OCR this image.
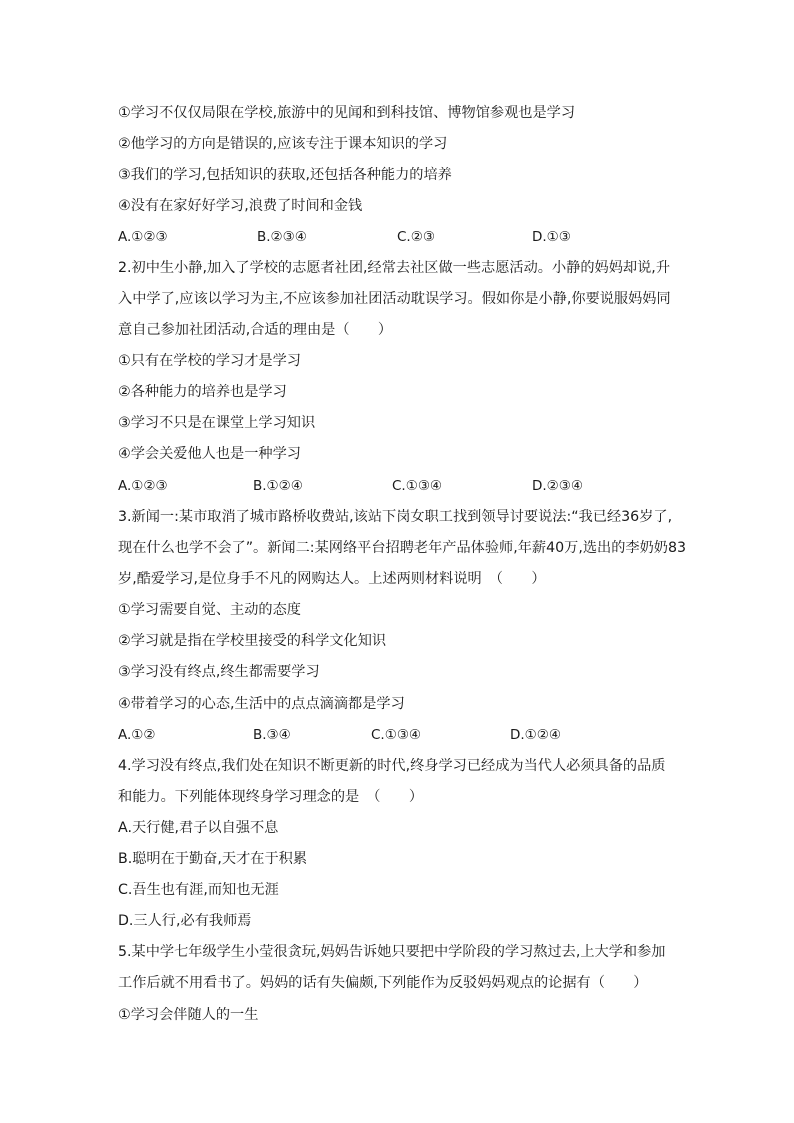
①学习不仅仅局限在学校,旅游中的见闻和到科技馆、博物馆参观也是学习
②他学习的方向是错误的,应该专注于课本知识的学习
③我们的学习,包括知识的获取,还包括各种能力的培养
④没有在家好好学习,浪费了时间和金钱
A.①②③	B.②③④	C.②③	D.①③
2.初中生小静,加入了学校的志愿者社团,经常去社区做一些志愿活动。小静的妈妈却说,升
入中学了,应该以学习为主,不应该参加社团活动耽误学习。假如你是小静,你要说服妈妈同
意自己参加社团活动,合适的理由是（　　）
①只有在学校的学习才是学习
②各种能力的培养也是学习
③学习不只是在课堂上学习知识
④学会关爱他人也是一种学习
A.①②③	B.①②④	C.①③④	D.②③④
3.新闻一:某市取消了城市路桥收费站,该站下岗女职工找到领导讨要说法:“我已经36岁了,
现在什么也学不会了”。新闻二:某网络平台招聘老年产品体验师,年薪40万,选出的李奶奶83
岁,酷爱学习,是位身手不凡的网购达人。上述两则材料说明　（　　）
①学习需要自觉、主动的态度
②学习就是指在学校里接受的科学文化知识
③学习没有终点,终生都需要学习
④带着学习的心态,生活中的点点滴滴都是学习
A.①②	B.③④	C.①③④	D.①②④
4.学习没有终点,我们处在知识不断更新的时代,终身学习已经成为当代人必须具备的品质
和能力。下列能体现终身学习理念的是　（　　）
A.天行健,君子以自强不息
B.聪明在于勤奋,天才在于积累
C.吾生也有涯,而知也无涯
D.三人行,必有我师焉
5.某中学七年级学生小莹很贪玩,妈妈告诉她只要把中学阶段的学习熬过去,上大学和参加
工作后就不用看书了。妈妈的话有失偏颇,下列能作为反驳妈妈观点的论据有（　　）
①学习会伴随人的一生
